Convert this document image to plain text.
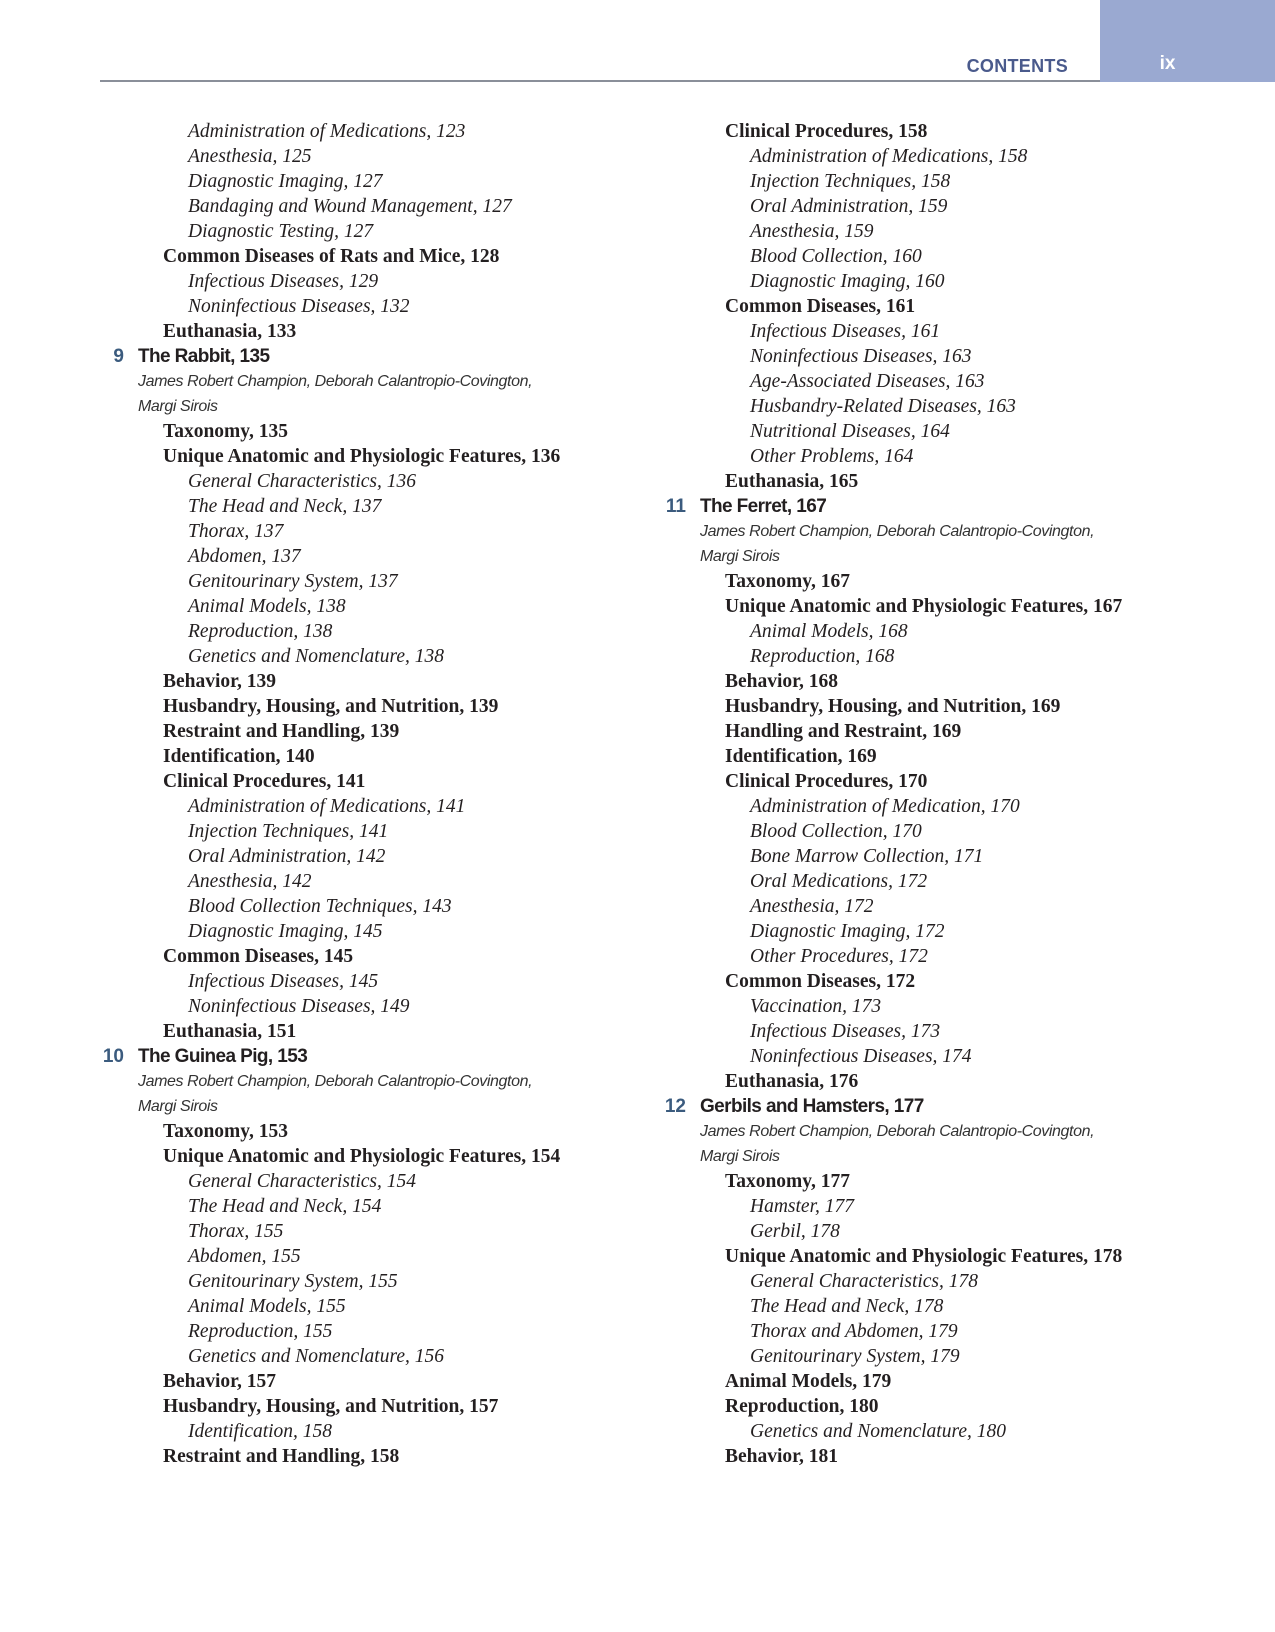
ix
CONTENTS
Administration of Medications, 123
Anesthesia, 125
Diagnostic Imaging, 127
Bandaging and Wound Management, 127
Diagnostic Testing, 127
Common Diseases of Rats and Mice, 128
Infectious Diseases, 129
Noninfectious Diseases, 132
Euthanasia, 133
9 The Rabbit, 135
James Robert Champion, Deborah Calantropio-Covington,
Margi Sirois
Taxonomy, 135
Unique Anatomic and Physiologic Features, 136
General Characteristics, 136
The Head and Neck, 137
Thorax, 137
Abdomen, 137
Genitourinary System, 137
Animal Models, 138
Reproduction, 138
Genetics and Nomenclature, 138
Behavior, 139
Husbandry, Housing, and Nutrition, 139
Restraint and Handling, 139
Identification, 140
Clinical Procedures, 141
Administration of Medications, 141
Injection Techniques, 141
Oral Administration, 142
Anesthesia, 142
Blood Collection Techniques, 143
Diagnostic Imaging, 145
Common Diseases, 145
Infectious Diseases, 145
Noninfectious Diseases, 149
Euthanasia, 151
10 The Guinea Pig, 153
James Robert Champion, Deborah Calantropio-Covington,
Margi Sirois
Taxonomy, 153
Unique Anatomic and Physiologic Features, 154
General Characteristics, 154
The Head and Neck, 154
Thorax, 155
Abdomen, 155
Genitourinary System, 155
Animal Models, 155
Reproduction, 155
Genetics and Nomenclature, 156
Behavior, 157
Husbandry, Housing, and Nutrition, 157
Identification, 158
Restraint and Handling, 158
Clinical Procedures, 158
Administration of Medications, 158
Injection Techniques, 158
Oral Administration, 159
Anesthesia, 159
Blood Collection, 160
Diagnostic Imaging, 160
Common Diseases, 161
Infectious Diseases, 161
Noninfectious Diseases, 163
Age-Associated Diseases, 163
Husbandry-Related Diseases, 163
Nutritional Diseases, 164
Other Problems, 164
Euthanasia, 165
11 The Ferret, 167
James Robert Champion, Deborah Calantropio-Covington,
Margi Sirois
Taxonomy, 167
Unique Anatomic and Physiologic Features, 167
Animal Models, 168
Reproduction, 168
Behavior, 168
Husbandry, Housing, and Nutrition, 169
Handling and Restraint, 169
Identification, 169
Clinical Procedures, 170
Administration of Medication, 170
Blood Collection, 170
Bone Marrow Collection, 171
Oral Medications, 172
Anesthesia, 172
Diagnostic Imaging, 172
Other Procedures, 172
Common Diseases, 172
Vaccination, 173
Infectious Diseases, 173
Noninfectious Diseases, 174
Euthanasia, 176
12 Gerbils and Hamsters, 177
James Robert Champion, Deborah Calantropio-Covington,
Margi Sirois
Taxonomy, 177
Hamster, 177
Gerbil, 178
Unique Anatomic and Physiologic Features, 178
General Characteristics, 178
The Head and Neck, 178
Thorax and Abdomen, 179
Genitourinary System, 179
Animal Models, 179
Reproduction, 180
Genetics and Nomenclature, 180
Behavior, 181
